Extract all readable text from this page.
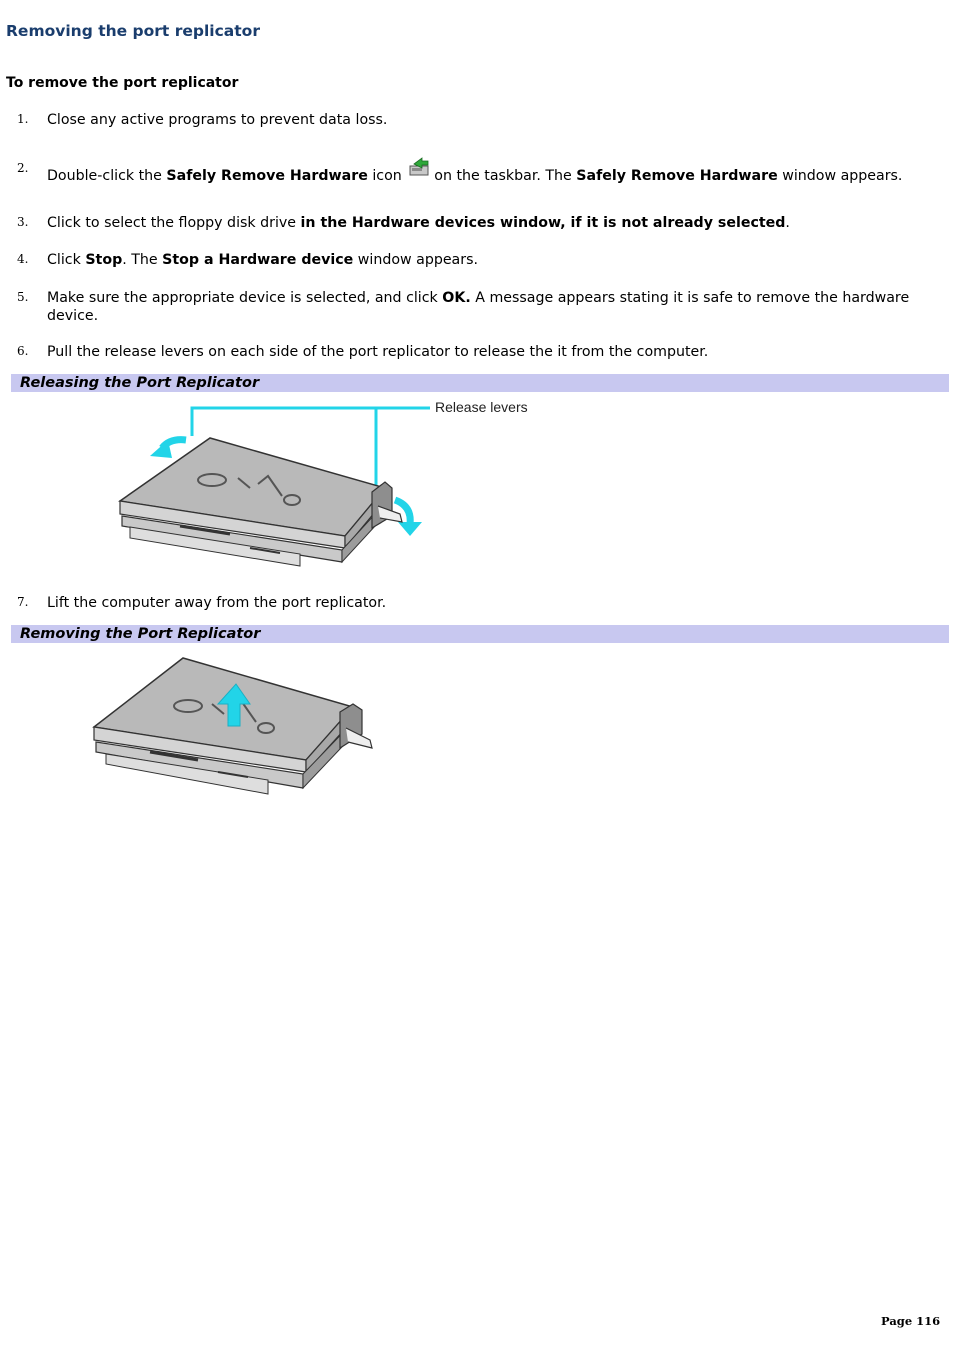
Removing the port replicator
To remove the port replicator
1. Close any active programs to prevent data loss.
2. Double-click the Safely Remove Hardware icon on the taskbar. The Safely Remove Hardware window appears.
3. Click to select the floppy disk drive in the Hardware devices window, if it is not already selected.
4. Click Stop. The Stop a Hardware device window appears.
5. Make sure the appropriate device is selected, and click OK. A message appears stating it is safe to remove the hardware device.
6. Pull the release levers on each side of the port replicator to release the it from the computer.
Releasing the Port Replicator
Release levers
7. Lift the computer away from the port replicator.
Removing the Port Replicator
Page 116
